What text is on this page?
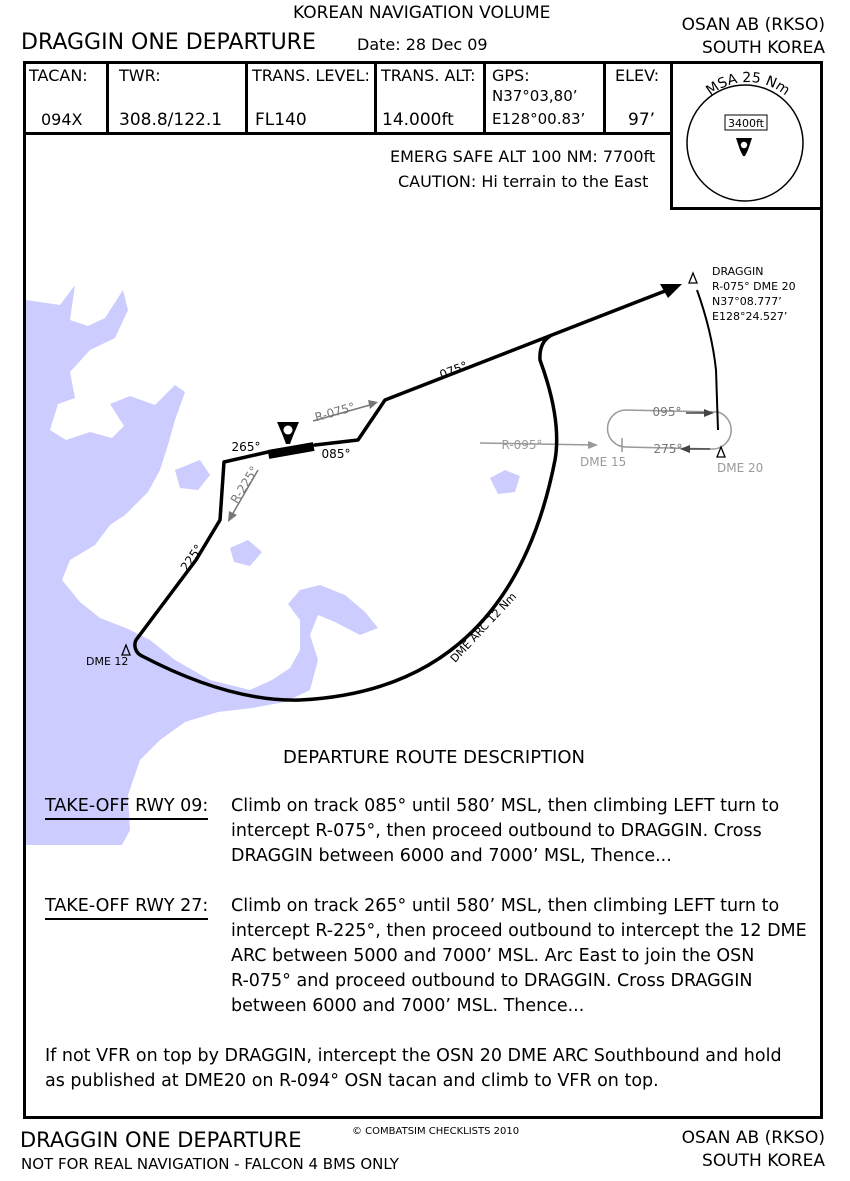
KOREAN NAVIGATION VOLUME
DRAGGIN ONE DEPARTURE	Date: 28 Dec 09
OSAN AB (RKSO)
SOUTH KOREA
TACAN:
094X
TWR:
308.8/122.1
TRANS. LEVEL:
FL140
TRANS. ALT:
14.000ft
GPS:
N37°03,80’
E128°00.83’
ELEV:
97’
MSA 25 Nm
3400ft
EMERG SAFE ALT 100 NM: 7700ft
CAUTION: Hi terrain to the East
DRAGGIN
R-075° DME 20
N37°08.777’
E128°24.527’
075°
R-075°
265°	085°
R-225°
225°
DME 12	DME ARC 12 Nm
R-095°
DME 15
095°
275°
DME 20
DEPARTURE ROUTE DESCRIPTION
TAKE-OFF RWY 09: Climb on track 085° until 580’ MSL, then climbing LEFT turn to
intercept R-075°, then proceed outbound to DRAGGIN. Cross
DRAGGIN between 6000 and 7000’ MSL, Thence...
TAKE-OFF RWY 27: Climb on track 265° until 580’ MSL, then climbing LEFT turn to
intercept R-225°, then proceed outbound to intercept the 12 DME
ARC between 5000 and 7000’ MSL. Arc East to join the OSN
R-075° and proceed outbound to DRAGGIN. Cross DRAGGIN
between 6000 and 7000’ MSL. Thence...
If not VFR on top by DRAGGIN, intercept the OSN 20 DME ARC Southbound and hold
as published at DME20 on R-094° OSN tacan and climb to VFR on top.
DRAGGIN ONE DEPARTURE	© COMBATSIM CHECKLISTS 2010
NOT FOR REAL NAVIGATION - FALCON 4 BMS ONLY
OSAN AB (RKSO)
SOUTH KOREA
